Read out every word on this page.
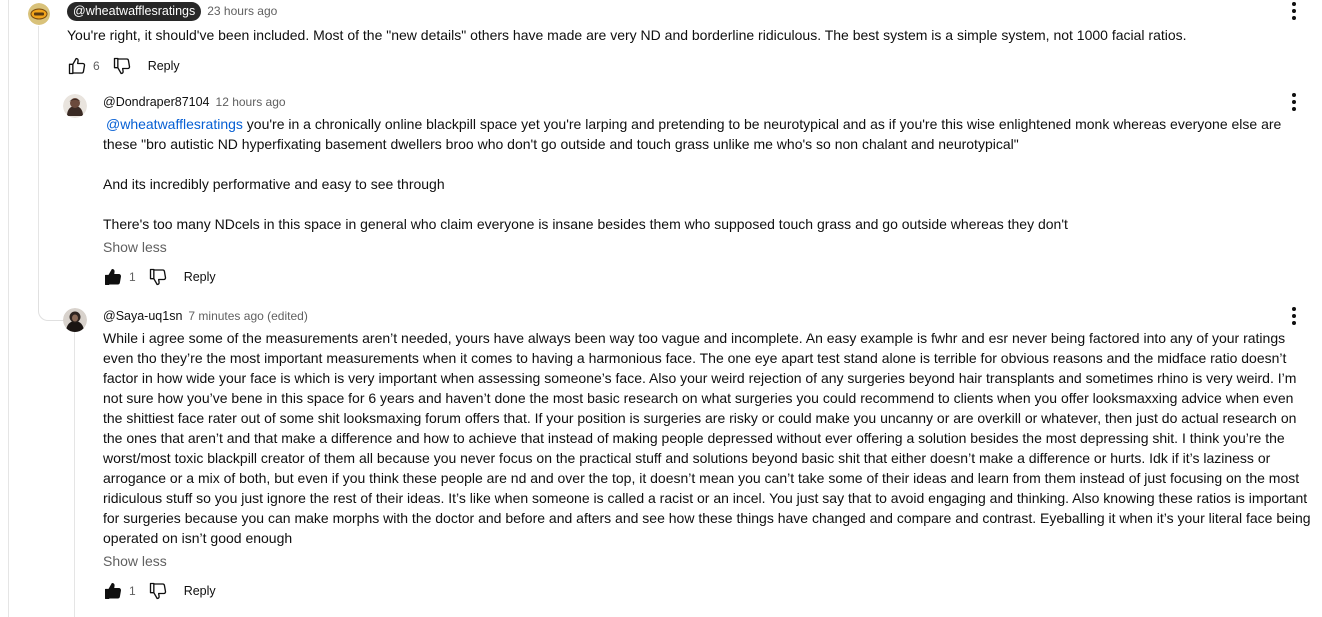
@wheatwafflesratings	23 hours ago

You're right, it should've been included. Most of the "new details" others have made are very ND and borderline ridiculous. The best system is a simple system, not 1000 facial ratios.

6	Reply
@Dondraper87104 12 hours ago

@wheatwafflesratings you're in a chronically online blackpill space yet you're larping and pretending to be neurotypical and as if you're this wise enlightened monk whereas everyone else are these "bro autistic ND hyperfixating basement dwellers broo who don't go outside and touch grass unlike me who's so non chalant and neurotypical"

And its incredibly performative and easy to see through

There's too many NDcels in this space in general who claim everyone is insane besides them who supposed touch grass and go outside whereas they don't

Show less
1	Reply
@Saya-uq1sn 7 minutes ago (edited)

While i agree some of the measurements aren’t needed, yours have always been way too vague and incomplete. An easy example is fwhr and esr never being factored into any of your ratings even tho they’re the most important measurements when it comes to having a harmonious face. The one eye apart test stand alone is terrible for obvious reasons and the midface ratio doesn’t factor in how wide your face is which is very important when assessing someone’s face. Also your weird rejection of any surgeries beyond hair transplants and sometimes rhino is very weird. I’m not sure how you’ve bene in this space for 6 years and haven’t done the most basic research on what surgeries you could recommend to clients when you offer looksmaxxing advice when even the shittiest face rater out of some shit looksmaxing forum offers that. If your position is surgeries are risky or could make you uncanny or are overkill or whatever, then just do actual research on the ones that aren’t and that make a difference and how to achieve that instead of making people depressed without ever offering a solution besides the most depressing shit. I think you’re the worst/most toxic blackpill creator of them all because you never focus on the practical stuff and solutions beyond basic shit that either doesn’t make a difference or hurts. Idk if it’s laziness or arrogance or a mix of both, but even if you think these people are nd and over the top, it doesn’t mean you can’t take some of their ideas and learn from them instead of just focusing on the most ridiculous stuff so you just ignore the rest of their ideas. It’s like when someone is called a racist or an incel. You just say that to avoid engaging and thinking. Also knowing these ratios is important for surgeries because you can make morphs with the doctor and before and afters and see how these things have changed and compare and contrast. Eyeballing it when it’s your literal face being operated on isn’t good enough

Show less
1	Reply
